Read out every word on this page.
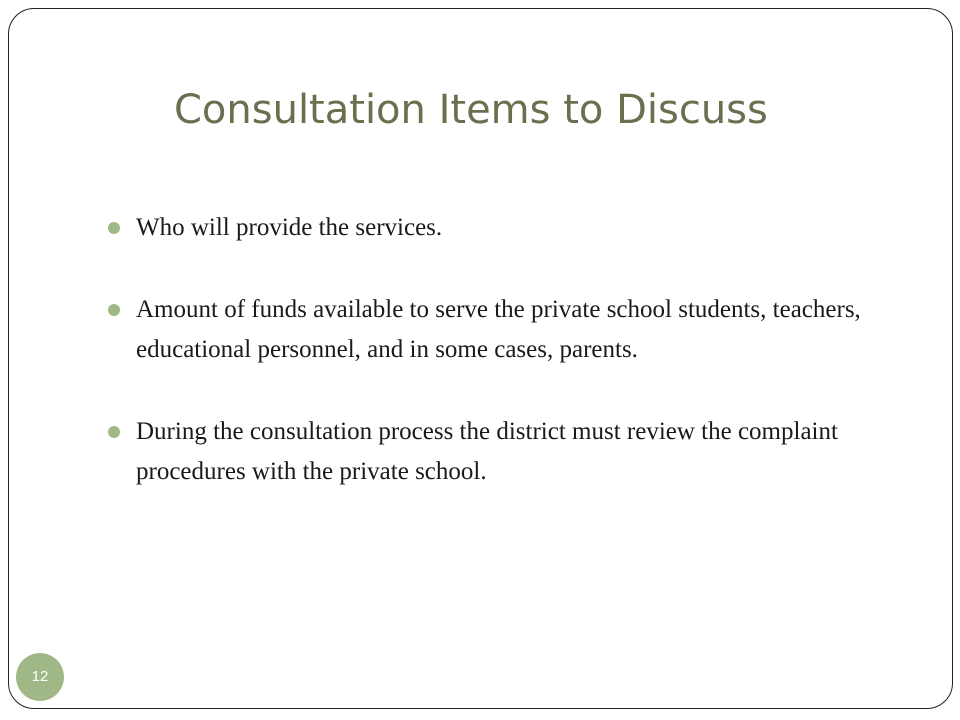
Consultation Items to Discuss
Who will provide the services.
Amount of funds available to serve the private school students, teachers, educational personnel, and in some cases, parents.
During the consultation process the district must review the complaint procedures with the private school.
12
